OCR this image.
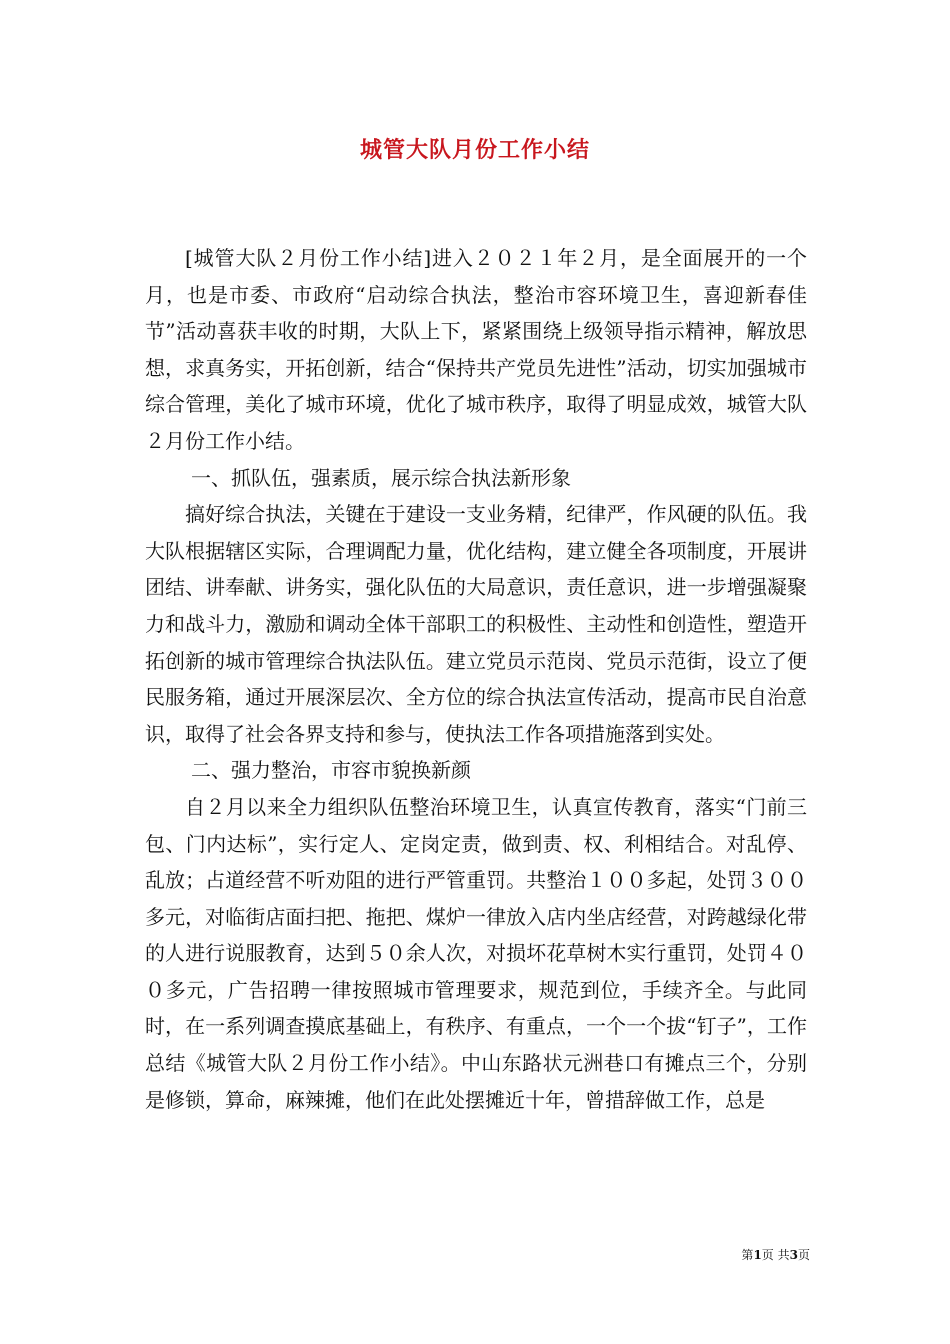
城管大队月份工作小结

[城管大队２月份工作小结]进入２０２１年２月，是全面展开的一个月，也是市委、市政府“启动综合执法，整治市容环境卫生，喜迎新春佳节”活动喜获丰收的时期，大队上下，紧紧围绕上级领导指示精神，解放思想，求真务实，开拓创新，结合“保持共产党员先进性”活动，切实加强城市综合管理，美化了城市环境，优化了城市秩序，取得了明显成效，城管大队２月份工作小结。

一、抓队伍，强素质，展示综合执法新形象

搞好综合执法，关键在于建设一支业务精，纪律严，作风硬的队伍。我大队根据辖区实际，合理调配力量，优化结构，建立健全各项制度，开展讲团结、讲奉献、讲务实，强化队伍的大局意识，责任意识，进一步增强凝聚力和战斗力，激励和调动全体干部职工的积极性、主动性和创造性，塑造开拓创新的城市管理综合执法队伍。建立党员示范岗、党员示范街，设立了便民服务箱，通过开展深层次、全方位的综合执法宣传活动，提高市民自治意识，取得了社会各界支持和参与，使执法工作各项措施落到实处。

二、强力整治，市容市貌换新颜

自２月以来全力组织队伍整治环境卫生，认真宣传教育，落实“门前三包、门内达标”，实行定人、定岗定责，做到责、权、利相结合。对乱停、乱放；占道经营不听劝阻的进行严管重罚。共整治１００多起，处罚３００多元，对临街店面扫把、拖把、煤炉一律放入店内坐店经营，对跨越绿化带的人进行说服教育，达到５０余人次，对损坏花草树木实行重罚，处罚４００多元，广告招聘一律按照城市管理要求，规范到位，手续齐全。与此同时，在一系列调查摸底基础上，有秩序、有重点，一个一个拔“钉子”，工作总结《城管大队２月份工作小结》。中山东路状元洲巷口有摊点三个，分别是修锁，算命，麻辣摊，他们在此处摆摊近十年，曾措辞做工作，总是

第1页 共3页
